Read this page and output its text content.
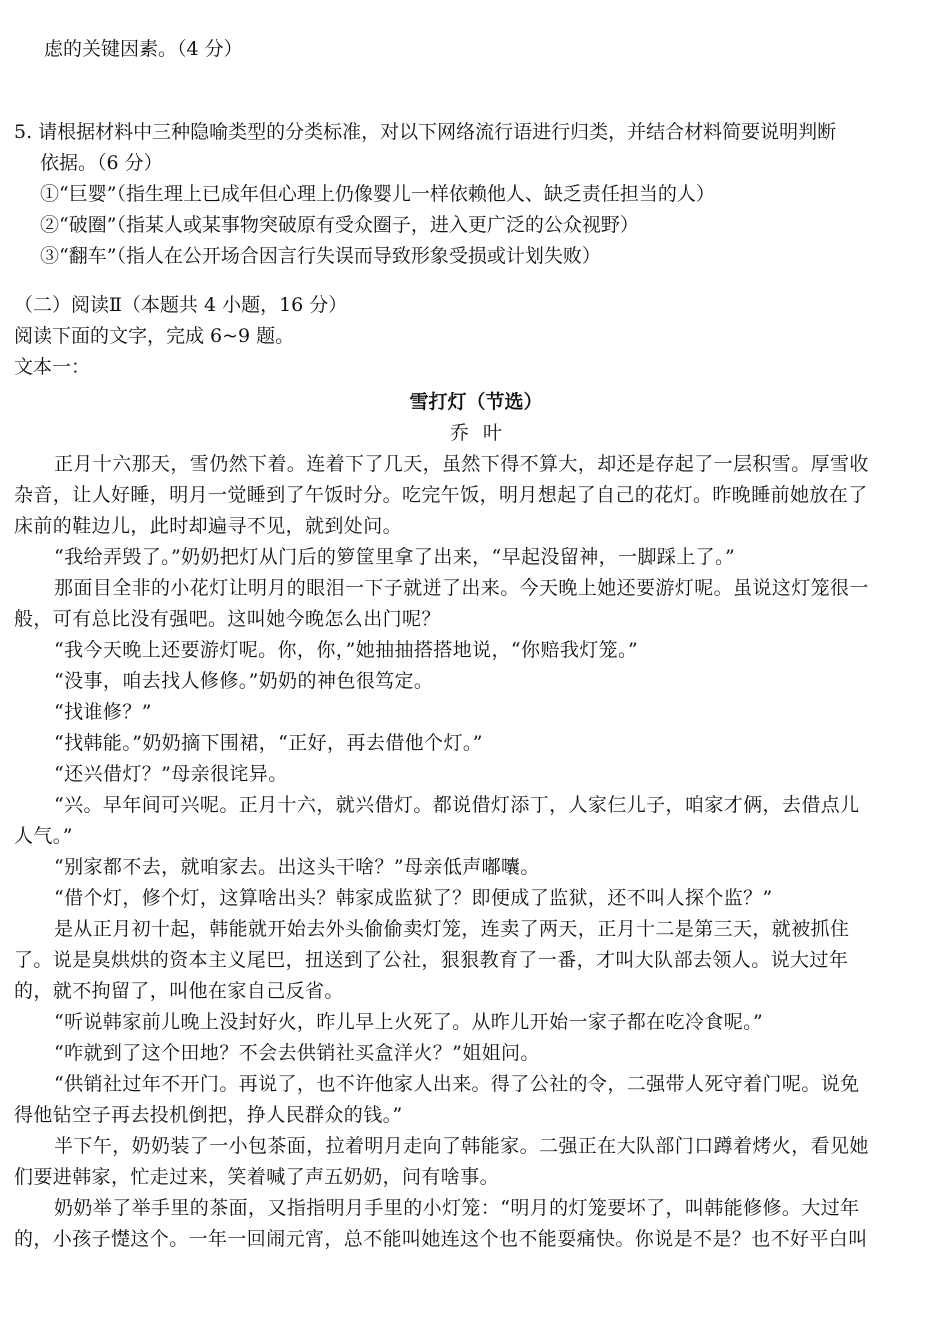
虑的关键因素。（4 分）

5. 请根据材料中三种隐喻类型的分类标准，对以下网络流行语进行归类，并结合材料简要说明判断

依据。（6 分）

①“巨婴”（指生理上已成年但心理上仍像婴儿一样依赖他人、缺乏责任担当的人）

②“破圈”（指某人或某事物突破原有受众圈子，进入更广泛的公众视野）

③“翻车”（指人在公开场合因言行失误而导致形象受损或计划失败）

（二）阅读Ⅱ（本题共 4 小题，16 分）

阅读下面的文字，完成 6~9 题。

文本一：

雪打灯（节选）
乔叶

正月十六那天，雪仍然下着。连着下了几天，虽然下得不算大，却还是存起了一层积雪。厚雪收

杂音，让人好睡，明月一觉睡到了午饭时分。吃完午饭，明月想起了自己的花灯。昨晚睡前她放在了

床前的鞋边儿，此时却遍寻不见，就到处问。

“我给弄毁了。”奶奶把灯从门后的箩筐里拿了出来，“早起没留神，一脚踩上了。”

那面目全非的小花灯让明月的眼泪一下子就迸了出来。今天晚上她还要游灯呢。虽说这灯笼很一

般，可有总比没有强吧。这叫她今晚怎么出门呢？

“我今天晚上还要游灯呢。你，你，”她抽抽搭搭地说，“你赔我灯笼。”

“没事，咱去找人修修。”奶奶的神色很笃定。

“找谁修？”

“找韩能。”奶奶摘下围裙，“正好，再去借他个灯。”

“还兴借灯？”母亲很诧异。

“兴。早年间可兴呢。正月十六，就兴借灯。都说借灯添丁，人家仨儿子，咱家才俩，去借点儿

人气。”

“别家都不去，就咱家去。出这头干啥？”母亲低声嘟囔。

“借个灯，修个灯，这算啥出头？韩家成监狱了？即便成了监狱，还不叫人探个监？”

是从正月初十起，韩能就开始去外头偷偷卖灯笼，连卖了两天，正月十二是第三天，就被抓住

了。说是臭烘烘的资本主义尾巴，扭送到了公社，狠狠教育了一番，才叫大队部去领人。说大过年

的，就不拘留了，叫他在家自己反省。

“听说韩家前儿晚上没封好火，昨儿早上火死了。从昨儿开始一家子都在吃冷食呢。”

“咋就到了这个田地？不会去供销社买盒洋火？”姐姐问。

“供销社过年不开门。再说了，也不许他家人出来。得了公社的令，二强带人死守着门呢。说免

得他钻空子再去投机倒把，挣人民群众的钱。”

半下午，奶奶装了一小包茶面，拉着明月走向了韩能家。二强正在大队部门口蹲着烤火，看见她

们要进韩家，忙走过来，笑着喊了声五奶奶，问有啥事。

奶奶举了举手里的茶面，又指指明月手里的小灯笼：“明月的灯笼要坏了，叫韩能修修。大过年

的，小孩子憷这个。一年一回闹元宵，总不能叫她连这个也不能耍痛快。你说是不是？也不好平白叫
